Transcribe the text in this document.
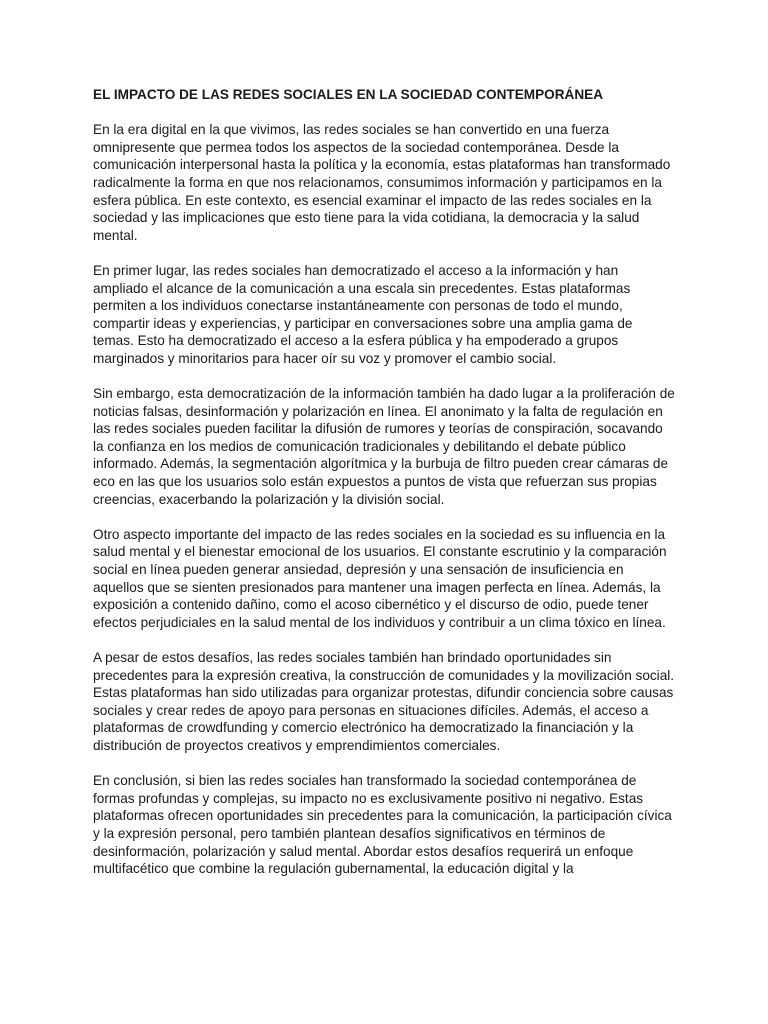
EL IMPACTO DE LAS REDES SOCIALES EN LA SOCIEDAD CONTEMPORÁNEA

En la era digital en la que vivimos, las redes sociales se han convertido en una fuerza omnipresente que permea todos los aspectos de la sociedad contemporánea. Desde la comunicación interpersonal hasta la política y la economía, estas plataformas han transformado radicalmente la forma en que nos relacionamos, consumimos información y participamos en la esfera pública. En este contexto, es esencial examinar el impacto de las redes sociales en la sociedad y las implicaciones que esto tiene para la vida cotidiana, la democracia y la salud mental.

En primer lugar, las redes sociales han democratizado el acceso a la información y han ampliado el alcance de la comunicación a una escala sin precedentes. Estas plataformas permiten a los individuos conectarse instantáneamente con personas de todo el mundo, compartir ideas y experiencias, y participar en conversaciones sobre una amplia gama de temas. Esto ha democratizado el acceso a la esfera pública y ha empoderado a grupos marginados y minoritarios para hacer oír su voz y promover el cambio social.

Sin embargo, esta democratización de la información también ha dado lugar a la proliferación de noticias falsas, desinformación y polarización en línea. El anonimato y la falta de regulación en las redes sociales pueden facilitar la difusión de rumores y teorías de conspiración, socavando la confianza en los medios de comunicación tradicionales y debilitando el debate público informado. Además, la segmentación algorítmica y la burbuja de filtro pueden crear cámaras de eco en las que los usuarios solo están expuestos a puntos de vista que refuerzan sus propias creencias, exacerbando la polarización y la división social.

Otro aspecto importante del impacto de las redes sociales en la sociedad es su influencia en la salud mental y el bienestar emocional de los usuarios. El constante escrutinio y la comparación social en línea pueden generar ansiedad, depresión y una sensación de insuficiencia en aquellos que se sienten presionados para mantener una imagen perfecta en línea. Además, la exposición a contenido dañino, como el acoso cibernético y el discurso de odio, puede tener efectos perjudiciales en la salud mental de los individuos y contribuir a un clima tóxico en línea.

A pesar de estos desafíos, las redes sociales también han brindado oportunidades sin precedentes para la expresión creativa, la construcción de comunidades y la movilización social. Estas plataformas han sido utilizadas para organizar protestas, difundir conciencia sobre causas sociales y crear redes de apoyo para personas en situaciones difíciles. Además, el acceso a plataformas de crowdfunding y comercio electrónico ha democratizado la financiación y la distribución de proyectos creativos y emprendimientos comerciales.

En conclusión, si bien las redes sociales han transformado la sociedad contemporánea de formas profundas y complejas, su impacto no es exclusivamente positivo ni negativo. Estas plataformas ofrecen oportunidades sin precedentes para la comunicación, la participación cívica y la expresión personal, pero también plantean desafíos significativos en términos de desinformación, polarización y salud mental. Abordar estos desafíos requerirá un enfoque multifacético que combine la regulación gubernamental, la educación digital y la
